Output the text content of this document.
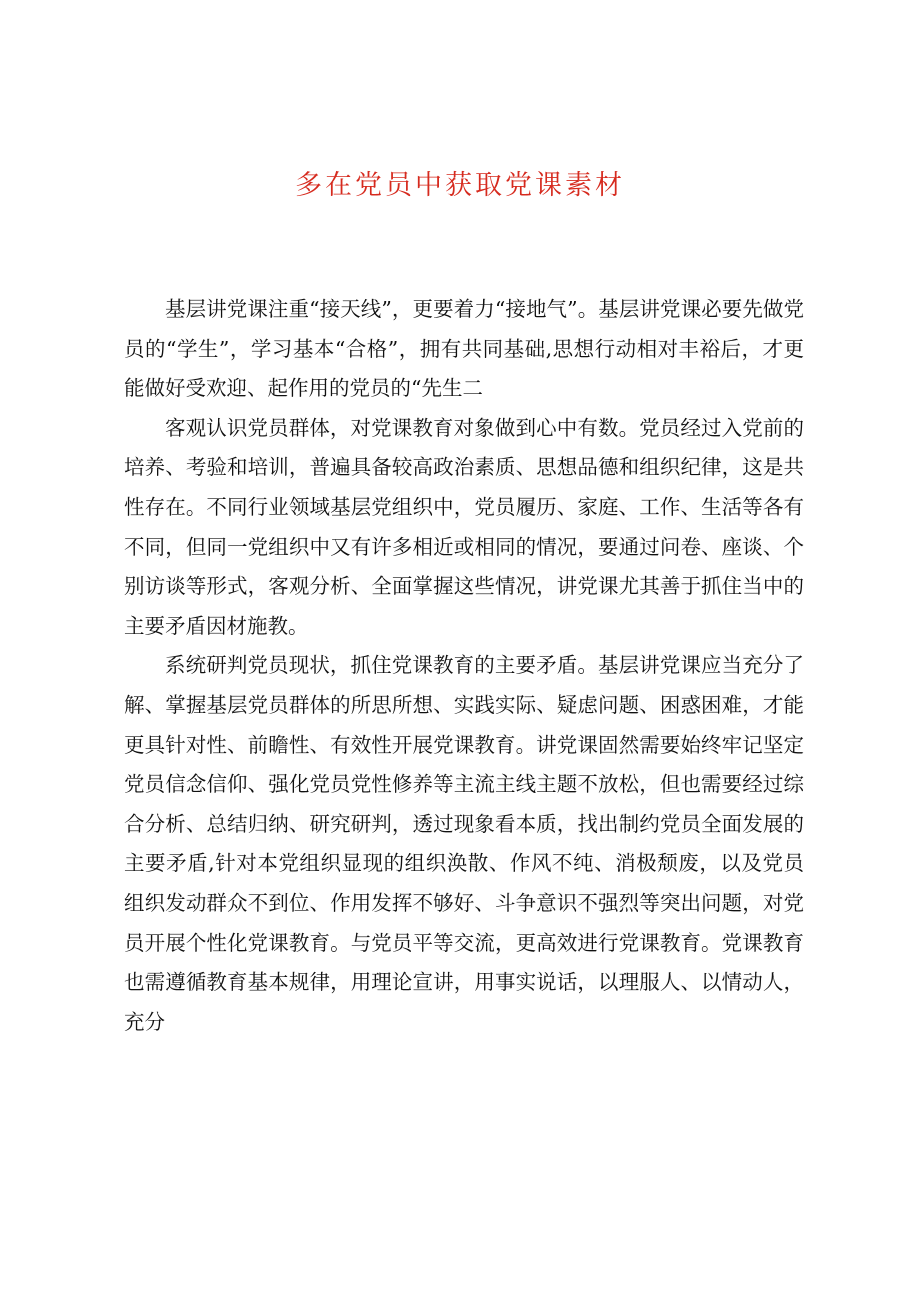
多在党员中获取党课素材

基层讲党课注重“接天线”，更要着力“接地气”。基层讲党课必要先做党员的“学生”，学习基本“合格”，拥有共同基础,思想行动相对丰裕后，才更能做好受欢迎、起作用的党员的“先生二

客观认识党员群体，对党课教育对象做到心中有数。党员经过入党前的培养、考验和培训，普遍具备较高政治素质、思想品德和组织纪律，这是共性存在。不同行业领域基层党组织中，党员履历、家庭、工作、生活等各有不同，但同一党组织中又有许多相近或相同的情况，要通过问卷、座谈、个别访谈等形式，客观分析、全面掌握这些情况，讲党课尤其善于抓住当中的主要矛盾因材施教。

系统研判党员现状，抓住党课教育的主要矛盾。基层讲党课应当充分了解、掌握基层党员群体的所思所想、实践实际、疑虑问题、困惑困难，才能更具针对性、前瞻性、有效性开展党课教育。讲党课固然需要始终牢记坚定党员信念信仰、强化党员党性修养等主流主线主题不放松，但也需要经过综合分析、总结归纳、研究研判，透过现象看本质，找出制约党员全面发展的主要矛盾,针对本党组织显现的组织涣散、作风不纯、消极颓废，以及党员组织发动群众不到位、作用发挥不够好、斗争意识不强烈等突出问题，对党员开展个性化党课教育。与党员平等交流，更高效进行党课教育。党课教育也需遵循教育基本规律，用理论宣讲，用事实说话，以理服人、以情动人，充分
